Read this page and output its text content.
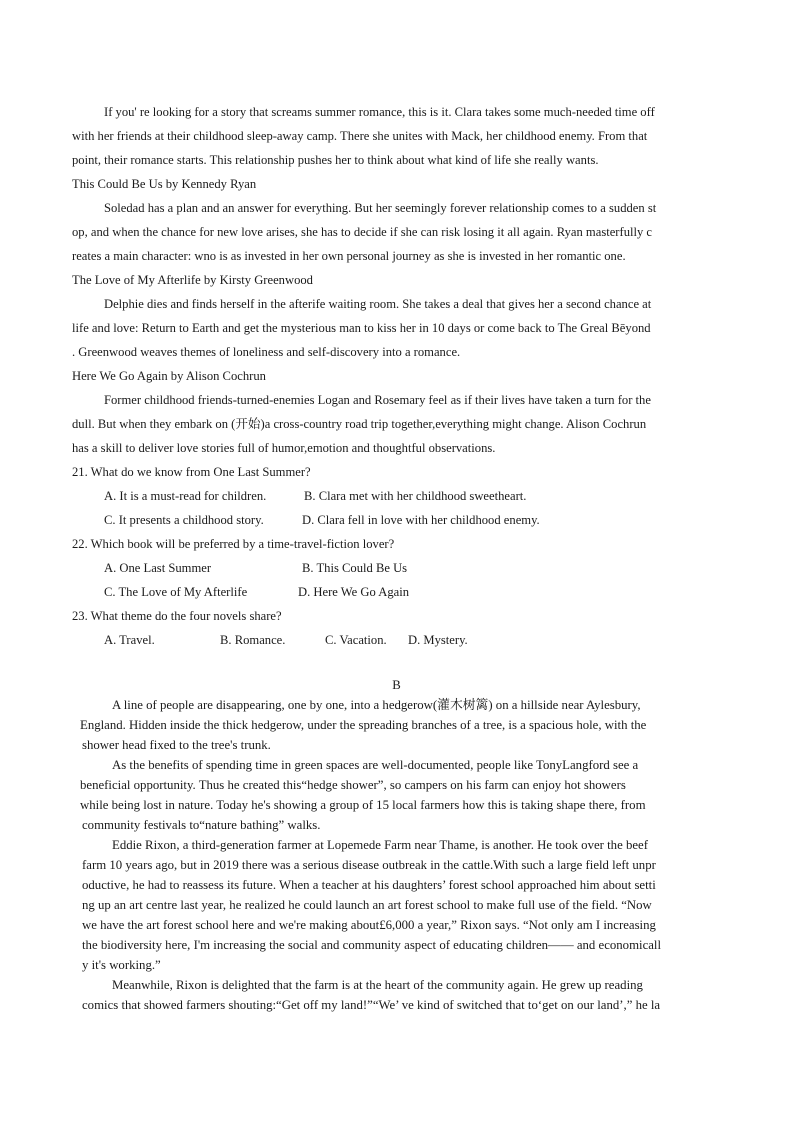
If you' re looking for a story that screams summer romance, this is it. Clara takes some much-needed time off

with her friends at their childhood sleep-away camp. There she unites with Mack, her childhood enemy. From that

point, their romance starts. This relationship pushes her to think about what kind of life she really wants.

This Could Be Us by Kennedy Ryan

Soledad has a plan and an answer for everything. But her seemingly forever relationship comes to a sudden st

op, and when the chance for new love arises, she has to decide if she can risk losing it all again. Ryan masterfully c

reates a main character: wno is as invested in her own personal journey as she is invested in her romantic one.

The Love of My Afterlife by Kirsty Greenwood

Delphie dies and finds herself in the afterife waiting room. She takes a deal that gives her a second chance at

life and love: Return to Earth and get the mysterious man to kiss her in 10 days or come back to The Greal Bēyond

. Greenwood weaves themes of loneliness and self-discovery into a romance.

Here We Go Again by Alison Cochrun

Former childhood friends-turned-enemies Logan and Rosemary feel as if their lives have taken a turn for the

dull. But when they embark on (开始)a cross-country road trip together,everything might change. Alison Cochrun

has a skill to deliver love stories full of humor,emotion and thoughtful observations.

21. What do we know from One Last Summer?

A. It is a must-read for children.	B. Clara met with her childhood sweetheart.

C. It presents a childhood story.	D. Clara fell in love with her childhood enemy.

22. Which book will be preferred by a time-travel-fiction lover?

A. One Last Summer	B. This Could Be Us

C. The Love of My Afterlife	D. Here We Go Again

23. What theme do the four novels share?

A. Travel.	B. Romance.	C. Vacation. D. Mystery.

B

A line of people are disappearing, one by one, into a hedgerow(灌木树篱) on a hillside near Aylesbury,

England. Hidden inside the thick hedgerow, under the spreading branches of a tree, is a spacious hole, with the

shower head fixed to the tree's trunk.

As the benefits of spending time in green spaces are well-documented, people like TonyLangford see a

beneficial opportunity. Thus he created this“hedge shower”, so campers on his farm can enjoy hot showers

while being lost in nature. Today he's showing a group of 15 local farmers how this is taking shape there, from

community festivals to“nature bathing” walks.

Eddie Rixon, a third-generation farmer at Lopemede Farm near Thame, is another. He took over the beef

farm 10 years ago, but in 2019 there was a serious disease outbreak in the cattle.With such a large field left unpr

oductive, he had to reassess its future. When a teacher at his daughters’ forest school approached him about setti

ng up an art centre last year, he realized he could launch an art forest school to make full use of the field. “Now

we have the art forest school here and we're making about£6,000 a year,” Rixon says. “Not only am I increasing

the biodiversity here, I'm increasing the social and community aspect of educating children—— and economicall

y it's working.”

Meanwhile, Rixon is delighted that the farm is at the heart of the community again. He grew up reading

comics that showed farmers shouting:“Get off my land!”“We’ ve kind of switched that to‘get on our land’,” he la
